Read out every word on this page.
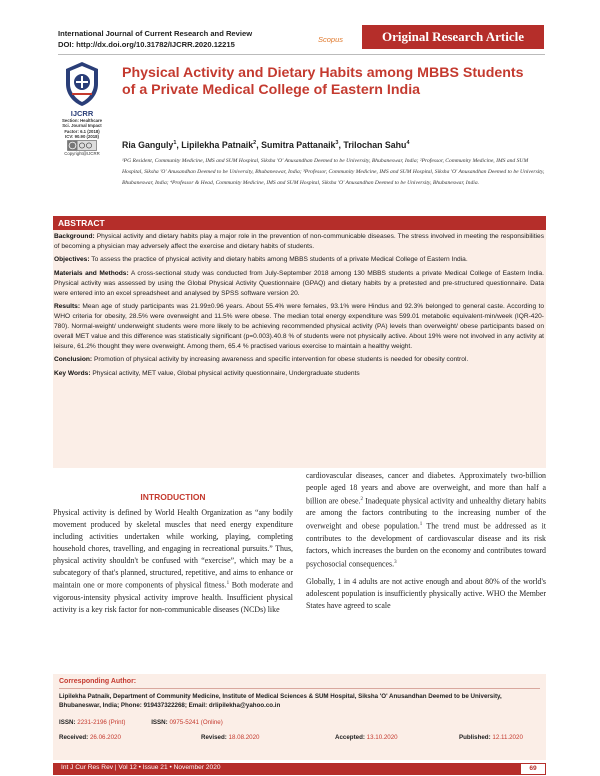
International Journal of Current Research and Review
DOI: http://dx.doi.org/10.31782/IJCRR.2020.12215
Scopus	Original Research Article
IJCRR
Section: Healthcare
Sci. Journal Impact
Factor: 6.1 (2018)
ICV: 90.90 (2018)
Copyright@IJCRR
Physical Activity and Dietary Habits among MBBS Students of a Private Medical College of Eastern India
Ria Ganguly$^1$, Lipilekha Patnaik$^2$, Sumitra Pattanaik$^3$, Trilochan Sahu$^4$
¹PG Resident, Community Medicine, IMS and SUM Hospital, Siksha 'O' Anusandhan Deemed to be University, Bhubaneswar, India; ²Professor, Community Medicine, IMS and SUM Hospital, Siksha 'O' Anusandhan Deemed to be University, Bhubaneswar, India; ³Professor, Community Medicine, IMS and SUM Hospital, Siksha 'O' Anusandhan Deemed to be University, Bhubaneswar, India; ⁴Professor & Head, Community Medicine, IMS and SUM Hospital, Siksha 'O' Anusandhan Deemed to be University, Bhubaneswar, India.
ABSTRACT

Background: Physical activity and dietary habits play a major role in the prevention of non-communicable diseases. The stress involved in meeting the responsibilities of becoming a physician may adversely affect the exercise and dietary habits of students.

Objectives: To assess the practice of physical activity and dietary habits among MBBS students of a private Medical College of Eastern India.

Materials and Methods: A cross-sectional study was conducted from July-September 2018 among 130 MBBS students a private Medical College of Eastern India. Physical activity was assessed by using the Global Physical Activity Questionnaire (GPAQ) and dietary habits by a pretested and pre-structured questionnaire. Data were entered into an excel spreadsheet and analysed by SPSS software version 20.

Results: Mean age of study participants was 21.99±0.96 years. About 55.4% were females, 93.1% were Hindus and 92.3% belonged to general caste. According to WHO criteria for obesity, 28.5% were overweight and 11.5% were obese. The median total energy expenditure was 599.01 metabolic equivalent-min/week (IQR-420-780). Normal-weight/ underweight students were more likely to be achieving recommended physical activity (PA) levels than overweight/ obese participants based on overall MET value and this difference was statistically significant (p=0.003).40.8 % of students were not physically active. About 19% were not involved in any activity at leisure, 61.2% thought they were overweight. Among them, 65.4 % practised various exercise to maintain a healthy weight.

Conclusion: Promotion of physical activity by increasing awareness and specific intervention for obese students is needed for obesity control.

Key Words: Physical activity, MET value, Global physical activity questionnaire, Undergraduate students

INTRODUCTION

Physical activity is defined by World Health Organization as “any bodily movement produced by skeletal muscles that need energy expenditure including activities undertaken while working, playing, completing household chores, travelling, and engaging in recreational pursuits.” Thus, physical activity shouldn't be confused with “exercise”, which may be a subcategory of that's planned, structured, repetitive, and aims to enhance or maintain one or more components of physical fitness.$^1$ Both moderate and vigorous-intensity physical activity improve health. Insufficient physical activity is a key risk factor for non-communicable diseases (NCDs) like

cardiovascular diseases, cancer and diabetes. Approximately two-billion people aged 18 years and above are overweight, and more than half a billion are obese.$^2$ Inadequate physical activity and unhealthy dietary habits are among the factors contributing to the increasing number of the overweight and obese population.$^1$ The trend must be addressed as it contributes to the development of cardiovascular disease and its risk factors, which increases the burden on the economy and contributes toward psychosocial consequences.$^3$

Globally, 1 in 4 adults are not active enough and about 80% of the world's adolescent population is insufficiently physically active. WHO the Member States have agreed to scale

Corresponding Author:
Lipilekha Patnaik, Department of Community Medicine, Institute of Medical Sciences & SUM Hospital, Siksha 'O' Anusandhan Deemed to be University, Bhubaneswar, India; Phone: 919437322268; Email: drlipilekha@yahoo.co.in
ISSN: 2231-2196 (Print)	ISSN: 0975-5241 (Online)
Received: 26.06.2020	Revised: 18.08.2020	Accepted: 13.10.2020	Published: 12.11.2020
Int J Cur Res Rev | Vol 12 • Issue 21 • November 2020	69
